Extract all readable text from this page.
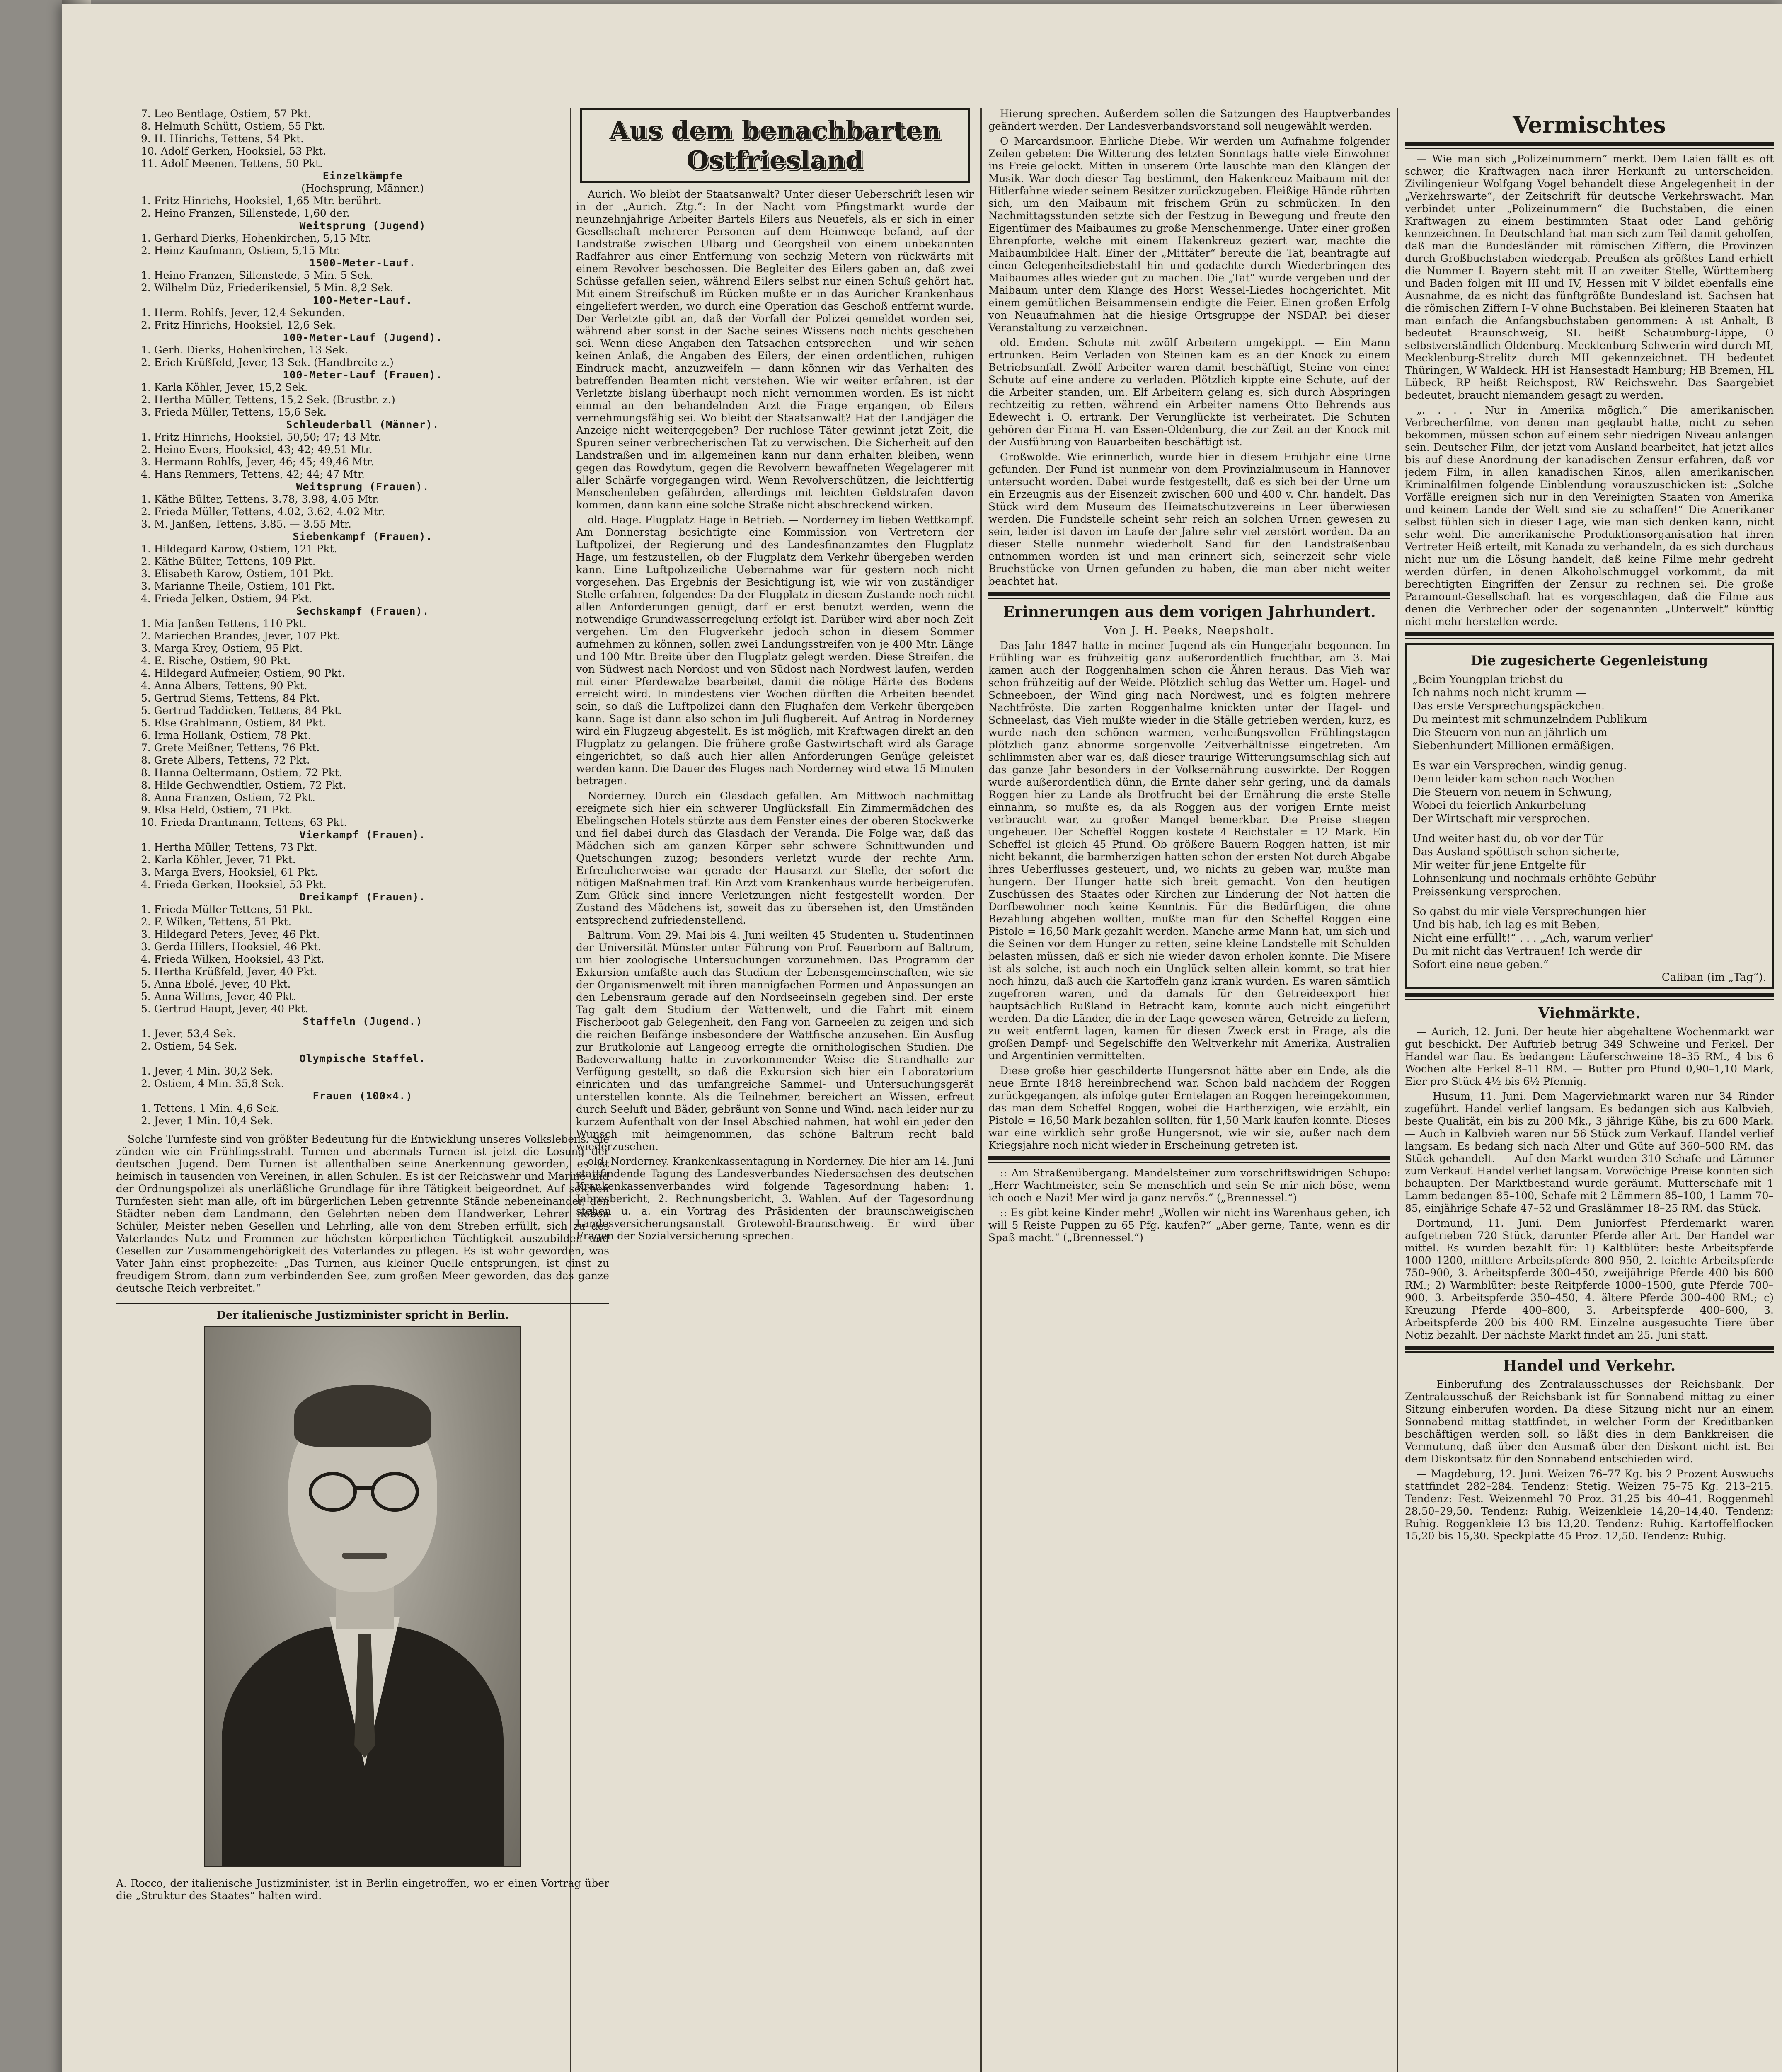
7. Leo Bentlage, Ostiem, 57 Pkt.

8. Helmuth Schütt, Ostiem, 55 Pkt.

9. H. Hinrichs, Tettens, 54 Pkt.

10. Adolf Gerken, Hooksiel, 53 Pkt.

11. Adolf Meenen, Tettens, 50 Pkt.

Einzelkämpfe

(Hochsprung, Männer.)

1. Fritz Hinrichs, Hooksiel, 1,65 Mtr. berührt.

2. Heino Franzen, Sillenstede, 1,60 der.

Weitsprung (Jugend)

1. Gerhard Dierks, Hohenkirchen, 5,15 Mtr.

2. Heinz Kaufmann, Ostiem, 5,15 Mtr.

1500-Meter-Lauf.

1. Heino Franzen, Sillenstede, 5 Min. 5 Sek.

2. Wilhelm Düz, Friederikensiel, 5 Min. 8,2 Sek.

100-Meter-Lauf.

1. Herm. Rohlfs, Jever, 12,4 Sekunden.

2. Fritz Hinrichs, Hooksiel, 12,6 Sek.

100-Meter-Lauf (Jugend).

1. Gerh. Dierks, Hohenkirchen, 13 Sek.

2. Erich Krüßfeld, Jever, 13 Sek. (Handbreite z.)

100-Meter-Lauf (Frauen).

1. Karla Köhler, Jever, 15,2 Sek.

2. Hertha Müller, Tettens, 15,2 Sek. (Brustbr. z.)

3. Frieda Müller, Tettens, 15,6 Sek.

Schleuderball (Männer).

1. Fritz Hinrichs, Hooksiel, 50,50; 47; 43 Mtr.

2. Heino Evers, Hooksiel, 43; 42; 49,51 Mtr.

3. Hermann Rohlfs, Jever, 46; 45; 49,46 Mtr.

4. Hans Remmers, Tettens, 42; 44; 47 Mtr.

Weitsprung (Frauen).

1. Käthe Bülter, Tettens, 3.78, 3.98, 4.05 Mtr.

2. Frieda Müller, Tettens, 4.02, 3.62, 4.02 Mtr.

3. M. Janßen, Tettens, 3.85. — 3.55 Mtr.

Siebenkampf (Frauen).

1. Hildegard Karow, Ostiem, 121 Pkt.

2. Käthe Bülter, Tettens, 109 Pkt.

3. Elisabeth Karow, Ostiem, 101 Pkt.

3. Marianne Theile, Ostiem, 101 Pkt.

4. Frieda Jelken, Ostiem, 94 Pkt.

Sechskampf (Frauen).

1. Mia Janßen Tettens, 110 Pkt.

2. Mariechen Brandes, Jever, 107 Pkt.

3. Marga Krey, Ostiem, 95 Pkt.

4. E. Rische, Ostiem, 90 Pkt.

4. Hildegard Aufmeier, Ostiem, 90 Pkt.

4. Anna Albers, Tettens, 90 Pkt.

5. Gertrud Siems, Tettens, 84 Pkt.

5. Gertrud Taddicken, Tettens, 84 Pkt.

5. Else Grahlmann, Ostiem, 84 Pkt.

6. Irma Hollank, Ostiem, 78 Pkt.

7. Grete Meißner, Tettens, 76 Pkt.

8. Grete Albers, Tettens, 72 Pkt.

8. Hanna Oeltermann, Ostiem, 72 Pkt.

8. Hilde Gechwendtler, Ostiem, 72 Pkt.

8. Anna Franzen, Ostiem, 72 Pkt.

9. Elsa Held, Ostiem, 71 Pkt.

10. Frieda Drantmann, Tettens, 63 Pkt.

Vierkampf (Frauen).

1. Hertha Müller, Tettens, 73 Pkt.

2. Karla Köhler, Jever, 71 Pkt.

3. Marga Evers, Hooksiel, 61 Pkt.

4. Frieda Gerken, Hooksiel, 53 Pkt.

Dreikampf (Frauen).

1. Frieda Müller Tettens, 51 Pkt.

2. F. Wilken, Tettens, 51 Pkt.

3. Hildegard Peters, Jever, 46 Pkt.

3. Gerda Hillers, Hooksiel, 46 Pkt.

4. Frieda Wilken, Hooksiel, 43 Pkt.

5. Hertha Krüßfeld, Jever, 40 Pkt.

5. Anna Ebolé, Jever, 40 Pkt.

5. Anna Willms, Jever, 40 Pkt.

5. Gertrud Haupt, Jever, 40 Pkt.

Staffeln (Jugend.)

1. Jever, 53,4 Sek.

2. Ostiem, 54 Sek.

Olympische Staffel.

1. Jever, 4 Min. 30,2 Sek.

2. Ostiem, 4 Min. 35,8 Sek.

Frauen (100×4.)

1. Tettens, 1 Min. 4,6 Sek.

2. Jever, 1 Min. 10,4 Sek.

Solche Turnfeste sind von größter Bedeutung für die Entwicklung unseres Volkslebens. Sie zünden wie ein Frühlingsstrahl. Turnen und abermals Turnen ist jetzt die Losung der deutschen Jugend. Dem Turnen ist allenthalben seine Anerkennung geworden, es ist heimisch in tausenden von Vereinen, in allen Schulen. Es ist der Reichswehr und Marine und der Ordnungspolizei als unerläßliche Grundlage für ihre Tätigkeit beigeordnet. Auf solchen Turnfesten sieht man alle, oft im bürgerlichen Leben getrennte Stände nebeneinander, den Städter neben dem Landmann, den Gelehrten neben dem Handwerker, Lehrer neben Schüler, Meister neben Gesellen und Lehrling, alle von dem Streben erfüllt, sich zu des Vaterlandes Nutz und Frommen zur höchsten körperlichen Tüchtigkeit auszubilden und Gesellen zur Zusammengehörigkeit des Vaterlandes zu pflegen. Es ist wahr geworden, was Vater Jahn einst prophezeite: „Das Turnen, aus kleiner Quelle entsprungen, ist einst zu freudigem Strom, dann zum verbindenden See, zum großen Meer geworden, das das ganze deutsche Reich verbreitet.“

Der italienische Justizminister spricht in Berlin.

A. Rocco, der italienische Justizminister, ist in Berlin eingetroffen, wo er einen Vortrag über die „Struktur des Staates“ halten wird.

Aus dem benachbarten
Ostfriesland

Aurich. Wo bleibt der Staatsanwalt? Unter dieser Ueberschrift lesen wir in der „Aurich. Ztg.“: In der Nacht vom Pfingstmarkt wurde der neunzehnjährige Arbeiter Bartels Eilers aus Neuefels, als er sich in einer Gesellschaft mehrerer Personen auf dem Heimwege befand, auf der Landstraße zwischen Ulbarg und Georgsheil von einem unbekannten Radfahrer aus einer Entfernung von sechzig Metern von rückwärts mit einem Revolver beschossen. Die Begleiter des Eilers gaben an, daß zwei Schüsse gefallen seien, während Eilers selbst nur einen Schuß gehört hat. Mit einem Streifschuß im Rücken mußte er in das Auricher Krankenhaus eingeliefert werden, wo durch eine Operation das Geschoß entfernt wurde. Der Verletzte gibt an, daß der Vorfall der Polizei gemeldet worden sei, während aber sonst in der Sache seines Wissens noch nichts geschehen sei. Wenn diese Angaben den Tatsachen entsprechen — und wir sehen keinen Anlaß, die Angaben des Eilers, der einen ordentlichen, ruhigen Eindruck macht, anzuzweifeln — dann können wir das Verhalten des betreffenden Beamten nicht verstehen. Wie wir weiter erfahren, ist der Verletzte bislang überhaupt noch nicht vernommen worden. Es ist nicht einmal an den behandelnden Arzt die Frage ergangen, ob Eilers vernehmungsfähig sei. Wo bleibt der Staatsanwalt? Hat der Landjäger die Anzeige nicht weitergegeben? Der ruchlose Täter gewinnt jetzt Zeit, die Spuren seiner verbrecherischen Tat zu verwischen. Die Sicherheit auf den Landstraßen und im allgemeinen kann nur dann erhalten bleiben, wenn gegen das Rowdytum, gegen die Revolvern bewaffneten Wegelagerer mit aller Schärfe vorgegangen wird. Wenn Revolverschützen, die leichtfertig Menschenleben gefährden, allerdings mit leichten Geldstrafen davon kommen, dann kann eine solche Straße nicht abschreckend wirken.

old. Hage. Flugplatz Hage in Betrieb. — Norderney im lieben Wettkampf. Am Donnerstag besichtigte eine Kommission von Vertretern der Luftpolizei, der Regierung und des Landesfinanzamtes den Flugplatz Hage, um festzustellen, ob der Flugplatz dem Verkehr übergeben werden kann. Eine Luftpolizeiliche Uebernahme war für gestern noch nicht vorgesehen. Das Ergebnis der Besichtigung ist, wie wir von zuständiger Stelle erfahren, folgendes: Da der Flugplatz in diesem Zustande noch nicht allen Anforderungen genügt, darf er erst benutzt werden, wenn die notwendige Grundwasserregelung erfolgt ist. Darüber wird aber noch Zeit vergehen. Um den Flugverkehr jedoch schon in diesem Sommer aufnehmen zu können, sollen zwei Landungsstreifen von je 400 Mtr. Länge und 100 Mtr. Breite über den Flugplatz gelegt werden. Diese Streifen, die von Südwest nach Nordost und von Südost nach Nordwest laufen, werden mit einer Pferdewalze bearbeitet, damit die nötige Härte des Bodens erreicht wird. In mindestens vier Wochen dürften die Arbeiten beendet sein, so daß die Luftpolizei dann den Flughafen dem Verkehr übergeben kann. Sage ist dann also schon im Juli flugbereit. Auf Antrag in Norderney wird ein Flugzeug abgestellt. Es ist möglich, mit Kraftwagen direkt an den Flugplatz zu gelangen. Die frühere große Gastwirtschaft wird als Garage eingerichtet, so daß auch hier allen Anforderungen Genüge geleistet werden kann. Die Dauer des Fluges nach Norderney wird etwa 15 Minuten betragen.

Norderney. Durch ein Glasdach gefallen. Am Mittwoch nachmittag ereignete sich hier ein schwerer Unglücksfall. Ein Zimmermädchen des Ebelingschen Hotels stürzte aus dem Fenster eines der oberen Stockwerke und fiel dabei durch das Glasdach der Veranda. Die Folge war, daß das Mädchen sich am ganzen Körper sehr schwere Schnittwunden und Quetschungen zuzog; besonders verletzt wurde der rechte Arm. Erfreulicherweise war gerade der Hausarzt zur Stelle, der sofort die nötigen Maßnahmen traf. Ein Arzt vom Krankenhaus wurde herbeigerufen. Zum Glück sind innere Verletzungen nicht festgestellt worden. Der Zustand des Mädchens ist, soweit das zu übersehen ist, den Umständen entsprechend zufriedenstellend.

Baltrum. Vom 29. Mai bis 4. Juni weilten 45 Studenten u. Studentinnen der Universität Münster unter Führung von Prof. Feuerborn auf Baltrum, um hier zoologische Untersuchungen vorzunehmen. Das Programm der Exkursion umfaßte auch das Studium der Lebensgemeinschaften, wie sie der Organismenwelt mit ihren mannigfachen Formen und Anpassungen an den Lebensraum gerade auf den Nordseeinseln gegeben sind. Der erste Tag galt dem Studium der Wattenwelt, und die Fahrt mit einem Fischerboot gab Gelegenheit, den Fang von Garneelen zu zeigen und sich die reichen Beifänge insbesondere der Wattfische anzusehen. Ein Ausflug zur Brutkolonie auf Langeoog erregte die ornithologischen Studien. Die Badeverwaltung hatte in zuvorkommender Weise die Strandhalle zur Verfügung gestellt, so daß die Exkursion sich hier ein Laboratorium einrichten und das umfangreiche Sammel- und Untersuchungsgerät unterstellen konnte. Als die Teilnehmer, bereichert an Wissen, erfreut durch Seeluft und Bäder, gebräunt von Sonne und Wind, nach leider nur zu kurzem Aufenthalt von der Insel Abschied nahmen, hat wohl ein jeder den Wunsch mit heimgenommen, das schöne Baltrum recht bald wiederzusehen.

old. Norderney. Krankenkassentagung in Norderney. Die hier am 14. Juni stattfindende Tagung des Landesverbandes Niedersachsen des deutschen Krankenkassenverbandes wird folgende Tagesordnung haben: 1. Jahresbericht, 2. Rechnungsbericht, 3. Wahlen. Auf der Tagesordnung stehen u. a. ein Vortrag des Präsidenten der braunschweigischen Landesversicherungsanstalt Grotewohl-Braunschweig. Er wird über Fragen der Sozialversicherung sprechen.

Hierung sprechen. Außerdem sollen die Satzungen des Hauptverbandes geändert werden. Der Landesverbandsvorstand soll neugewählt werden.

O Marcardsmoor. Ehrliche Diebe. Wir werden um Aufnahme folgender Zeilen gebeten: Die Witterung des letzten Sonntags hatte viele Einwohner ins Freie gelockt. Mitten in unserem Orte lauschte man den Klängen der Musik. War doch dieser Tag bestimmt, den Hakenkreuz-Maibaum mit der Hitlerfahne wieder seinem Besitzer zurückzugeben. Fleißige Hände rührten sich, um den Maibaum mit frischem Grün zu schmücken. In den Nachmittagsstunden setzte sich der Festzug in Bewegung und freute den Eigentümer des Maibaumes zu große Menschenmenge. Unter einer großen Ehrenpforte, welche mit einem Hakenkreuz geziert war, machte die Maibaumbildee Halt. Einer der „Mittäter“ bereute die Tat, beantragte auf einen Gelegenheitsdiebstahl hin und gedachte durch Wiederbringen des Maibaumes alles wieder gut zu machen. Die „Tat“ wurde vergeben und der Maibaum unter dem Klange des Horst Wessel-Liedes hochgerichtet. Mit einem gemütlichen Beisammensein endigte die Feier. Einen großen Erfolg von Neuaufnahmen hat die hiesige Ortsgruppe der NSDAP. bei dieser Veranstaltung zu verzeichnen.

old. Emden. Schute mit zwölf Arbeitern umgekippt. — Ein Mann ertrunken. Beim Verladen von Steinen kam es an der Knock zu einem Betriebsunfall. Zwölf Arbeiter waren damit beschäftigt, Steine von einer Schute auf eine andere zu verladen. Plötzlich kippte eine Schute, auf der die Arbeiter standen, um. Elf Arbeitern gelang es, sich durch Abspringen rechtzeitig zu retten, während ein Arbeiter namens Otto Behrends aus Edewecht i. O. ertrank. Der Verunglückte ist verheiratet. Die Schuten gehören der Firma H. van Essen-Oldenburg, die zur Zeit an der Knock mit der Ausführung von Bauarbeiten beschäftigt ist.

Großwolde. Wie erinnerlich, wurde hier in diesem Frühjahr eine Urne gefunden. Der Fund ist nunmehr von dem Provinzialmuseum in Hannover untersucht worden. Dabei wurde festgestellt, daß es sich bei der Urne um ein Erzeugnis aus der Eisenzeit zwischen 600 und 400 v. Chr. handelt. Das Stück wird dem Museum des Heimatschutzvereins in Leer überwiesen werden. Die Fundstelle scheint sehr reich an solchen Urnen gewesen zu sein, leider ist davon im Laufe der Jahre sehr viel zerstört worden. Da an dieser Stelle nunmehr wiederholt Sand für den Landstraßenbau entnommen worden ist und man erinnert sich, seinerzeit sehr viele Bruchstücke von Urnen gefunden zu haben, die man aber nicht weiter beachtet hat.

Erinnerungen aus dem vorigen Jahrhundert.
Von J. H. Peeks, Neepsholt.

Das Jahr 1847 hatte in meiner Jugend als ein Hungerjahr begonnen. Im Frühling war es frühzeitig ganz außerordentlich fruchtbar, am 3. Mai kamen auch der Roggenhalmen schon die Ähren heraus. Das Vieh war schon frühzeitig auf der Weide. Plötzlich schlug das Wetter um. Hagel- und Schneeboen, der Wind ging nach Nordwest, und es folgten mehrere Nachtfröste. Die zarten Roggenhalme knickten unter der Hagel- und Schneelast, das Vieh mußte wieder in die Ställe getrieben werden, kurz, es wurde nach den schönen warmen, verheißungsvollen Frühlingstagen plötzlich ganz abnorme sorgenvolle Zeitverhältnisse eingetreten. Am schlimmsten aber war es, daß dieser traurige Witterungsumschlag sich auf das ganze Jahr besonders in der Volksernährung auswirkte. Der Roggen wurde außerordentlich dünn, die Ernte daher sehr gering, und da damals Roggen hier zu Lande als Brotfrucht bei der Ernährung die erste Stelle einnahm, so mußte es, da als Roggen aus der vorigen Ernte meist verbraucht war, zu großer Mangel bemerkbar. Die Preise stiegen ungeheuer. Der Scheffel Roggen kostete 4 Reichstaler = 12 Mark. Ein Scheffel ist gleich 45 Pfund. Ob größere Bauern Roggen hatten, ist mir nicht bekannt, die barmherzigen hatten schon der ersten Not durch Abgabe ihres Ueberflusses gesteuert, und, wo nichts zu geben war, mußte man hungern. Der Hunger hatte sich breit gemacht. Von den heutigen Zuschüssen des Staates oder Kirchen zur Linderung der Not hatten die Dorfbewohner noch keine Kenntnis. Für die Bedürftigen, die ohne Bezahlung abgeben wollten, mußte man für den Scheffel Roggen eine Pistole = 16,50 Mark gezahlt werden. Manche arme Mann hat, um sich und die Seinen vor dem Hunger zu retten, seine kleine Landstelle mit Schulden belasten müssen, daß er sich nie wieder davon erholen konnte. Die Misere ist als solche, ist auch noch ein Unglück selten allein kommt, so trat hier noch hinzu, daß auch die Kartoffeln ganz krank wurden. Es waren sämtlich zugefroren waren, und da damals für den Getreideexport hier hauptsächlich Rußland in Betracht kam, konnte auch nicht eingeführt werden. Da die Länder, die in der Lage gewesen wären, Getreide zu liefern, zu weit entfernt lagen, kamen für diesen Zweck erst in Frage, als die großen Dampf- und Segelschiffe den Weltverkehr mit Amerika, Australien und Argentinien vermittelten.

Diese große hier geschilderte Hungersnot hätte aber ein Ende, als die neue Ernte 1848 hereinbrechend war. Schon bald nachdem der Roggen zurückgegangen, als infolge guter Erntelagen an Roggen hereingekommen, das man dem Scheffel Roggen, wobei die Hartherzigen, wie erzählt, ein Pistole = 16,50 Mark bezahlen sollten, für 1,50 Mark kaufen konnte. Dieses war eine wirklich sehr große Hungersnot, wie wir sie, außer nach dem Kriegsjahre noch nicht wieder in Erscheinung getreten ist.

:: Am Straßenübergang. Mandelsteiner zum vorschriftswidrigen Schupo: „Herr Wachtmeister, sein Se menschlich und sein Se mir nich böse, wenn ich ooch e Nazi! Mer wird ja ganz nervös.“ („Brennessel.“)

:: Es gibt keine Kinder mehr! „Wollen wir nicht ins Warenhaus gehen, ich will 5 Reiste Puppen zu 65 Pfg. kaufen?“ „Aber gerne, Tante, wenn es dir Spaß macht.“ („Brennessel.“)

Vermischtes

— Wie man sich „Polizeinummern“ merkt. Dem Laien fällt es oft schwer, die Kraftwagen nach ihrer Herkunft zu unterscheiden. Zivilingenieur Wolfgang Vogel behandelt diese Angelegenheit in der „Verkehrswarte“, der Zeitschrift für deutsche Verkehrswacht. Man verbindet unter „Polizeinummern“ die Buchstaben, die einen Kraftwagen zu einem bestimmten Staat oder Land gehörig kennzeichnen. In Deutschland hat man sich zum Teil damit geholfen, daß man die Bundesländer mit römischen Ziffern, die Provinzen durch Großbuchstaben wiedergab. Preußen als größtes Land erhielt die Nummer I. Bayern steht mit II an zweiter Stelle, Württemberg und Baden folgen mit III und IV, Hessen mit V bildet ebenfalls eine Ausnahme, da es nicht das fünftgrößte Bundesland ist. Sachsen hat die römischen Ziffern I–V ohne Buchstaben. Bei kleineren Staaten hat man einfach die Anfangsbuchstaben genommen: A ist Anhalt, B bedeutet Braunschweig, SL heißt Schaumburg-Lippe, O selbstverständlich Oldenburg. Mecklenburg-Schwerin wird durch MI, Mecklenburg-Strelitz durch MII gekennzeichnet. TH bedeutet Thüringen, W Waldeck. HH ist Hansestadt Hamburg; HB Bremen, HL Lübeck, RP heißt Reichspost, RW Reichswehr. Das Saargebiet bedeutet, braucht niemandem gesagt zu werden.

„. . . . Nur in Amerika möglich.“ Die amerikanischen Verbrecherfilme, von denen man geglaubt hatte, nicht zu sehen bekommen, müssen schon auf einem sehr niedrigen Niveau anlangen sein. Deutscher Film, der jetzt vom Ausland bearbeitet, hat jetzt alles bis auf diese Anordnung der kanadischen Zensur erfahren, daß vor jedem Film, in allen kanadischen Kinos, allen amerikanischen Kriminalfilmen folgende Einblendung vorauszuschicken ist: „Solche Vorfälle ereignen sich nur in den Vereinigten Staaten von Amerika und keinem Lande der Welt sind sie zu schaffen!“ Die Amerikaner selbst fühlen sich in dieser Lage, wie man sich denken kann, nicht sehr wohl. Die amerikanische Produktionsorganisation hat ihren Vertreter Heiß erteilt, mit Kanada zu verhandeln, da es sich durchaus nicht nur um die Lösung handelt, daß keine Filme mehr gedreht werden dürfen, in denen Alkoholschmuggel vorkommt, da mit berechtigten Eingriffen der Zensur zu rechnen sei. Die große Paramount-Gesellschaft hat es vorgeschlagen, daß die Filme aus denen die Verbrecher oder der sogenannten „Unterwelt“ künftig nicht mehr herstellen werde.

Die zugesicherte Gegenleistung

„Beim Youngplan triebst du —

Ich nahms noch nicht krumm —

Das erste Versprechungspäckchen.

Du meintest mit schmunzelndem Publikum

Die Steuern von nun an jährlich um

Siebenhundert Millionen ermäßigen.

Es war ein Versprechen, windig genug.

Denn leider kam schon nach Wochen

Die Steuern von neuem in Schwung,

Wobei du feierlich Ankurbelung

Der Wirtschaft mir versprochen.

Und weiter hast du, ob vor der Tür

Das Ausland spöttisch schon sicherte,

Mir weiter für jene Entgelte für

Lohnsenkung und nochmals erhöhte Gebühr

Preissenkung versprochen.

So gabst du mir viele Versprechungen hier

Und bis hab, ich lag es mit Beben,

Nicht eine erfüllt!“ . . . „Ach, warum verlier'

Du mit nicht das Vertrauen! Ich werde dir

Sofort eine neue geben.“

Caliban (im „Tag“).
Viehmärkte.

— Aurich, 12. Juni. Der heute hier abgehaltene Wochenmarkt war gut beschickt. Der Auftrieb betrug 349 Schweine und Ferkel. Der Handel war flau. Es bedangen: Läuferschweine 18–35 RM., 4 bis 6 Wochen alte Ferkel 8–11 RM. — Butter pro Pfund 0,90–1,10 Mark, Eier pro Stück 4½ bis 6½ Pfennig.

— Husum, 11. Juni. Dem Magerviehmarkt waren nur 34 Rinder zugeführt. Handel verlief langsam. Es bedangen sich aus Kalbvieh, beste Qualität, ein bis zu 200 Mk., 3 jährige Kühe, bis zu 600 Mark. — Auch in Kalbvieh waren nur 56 Stück zum Verkauf. Handel verlief langsam. Es bedang sich nach Alter und Güte auf 360–500 RM. das Stück gehandelt. — Auf den Markt wurden 310 Schafe und Lämmer zum Verkauf. Handel verlief langsam. Vorwöchige Preise konnten sich behaupten. Der Marktbestand wurde geräumt. Mutterschafe mit 1 Lamm bedangen 85–100, Schafe mit 2 Lämmern 85–100, 1 Lamm 70–85, einjährige Schafe 47–52 und Graslämmer 18–25 RM. das Stück.

Dortmund, 11. Juni. Dem Juniorfest Pferdemarkt waren aufgetrieben 720 Stück, darunter Pferde aller Art. Der Handel war mittel. Es wurden bezahlt für: 1) Kaltblüter: beste Arbeitspferde 1000–1200, mittlere Arbeitspferde 800–950, 2. leichte Arbeitspferde 750–900, 3. Arbeitspferde 300–450, zweijährige Pferde 400 bis 600 RM.; 2) Warmblüter: beste Reitpferde 1000–1500, gute Pferde 700–900, 3. Arbeitspferde 350–450, 4. ältere Pferde 300–400 RM.; c) Kreuzung Pferde 400–800, 3. Arbeitspferde 400–600, 3. Arbeitspferde 200 bis 400 RM. Einzelne ausgesuchte Tiere über Notiz bezahlt. Der nächste Markt findet am 25. Juni statt.

Handel und Verkehr.

— Einberufung des Zentralausschusses der Reichsbank. Der Zentralausschuß der Reichsbank ist für Sonnabend mittag zu einer Sitzung einberufen worden. Da diese Sitzung nicht nur an einem Sonnabend mittag stattfindet, in welcher Form der Kreditbanken beschäftigen werden soll, so läßt dies in dem Bankkreisen die Vermutung, daß über den Ausmaß über den Diskont nicht ist. Bei dem Diskontsatz für den Sonnabend entschieden wird.

— Magdeburg, 12. Juni. Weizen 76–77 Kg. bis 2 Prozent Auswuchs stattfindet 282–284. Tendenz: Stetig. Weizen 75–75 Kg. 213–215. Tendenz: Fest. Weizenmehl 70 Proz. 31,25 bis 40–41, Roggenmehl 28,50–29,50. Tendenz: Ruhig. Weizenkleie 14,20–14,40. Tendenz: Ruhig. Roggenkleie 13 bis 13,20. Tendenz: Ruhig. Kartoffelflocken 15,20 bis 15,30. Speckplatte 45 Proz. 12,50. Tendenz: Ruhig.
